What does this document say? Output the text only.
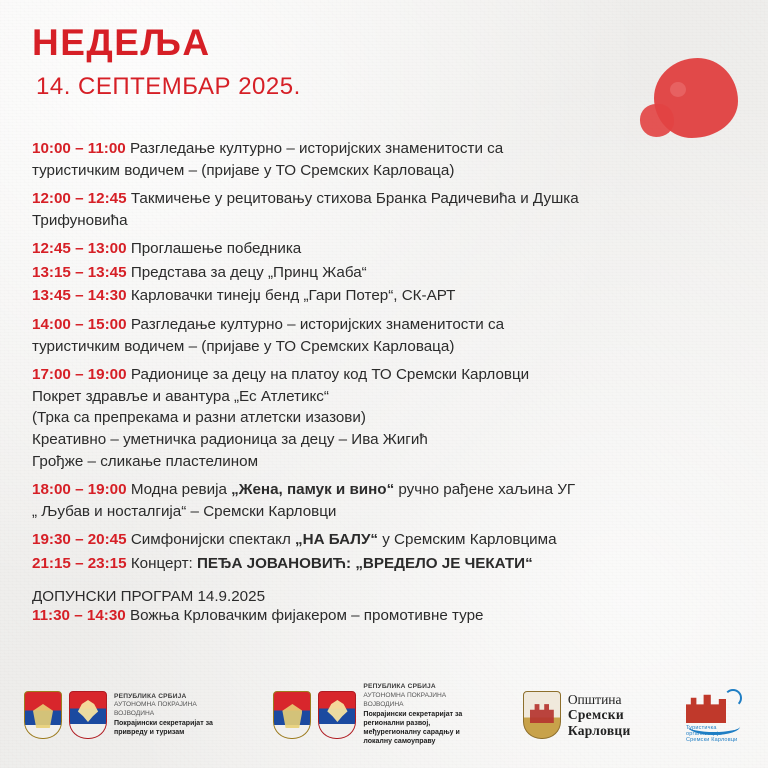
НЕДЕЉА
14. СЕПТЕМБАР 2025.
10:00 – 11:00 Разгледање културно – историјских знаменитости са
туристичким водичем – (пријаве у ТО Сремских Карловаца)
12:00 – 12:45 Такмичење у рецитовању стихова Бранка Радичевића и Душка
Трифуновића
12:45 – 13:00 Проглашење победника
13:15 – 13:45 Представа за децу „Принц Жаба“
13:45 – 14:30 Карловачки тинејџ бенд „Гари Потер“, СК-АРТ
14:00 – 15:00 Разгледање културно – историјских знаменитости са
туристичким водичем – (пријаве у ТО Сремских Карловаца)
17:00 – 19:00 Радионице за децу на платоу код ТО Сремски Карловци
Покрет здравље и авантура „Ес Атлетикс“
(Трка са препрекама и разни атлетски изазови)
Креативно – уметничка радионица за децу – Ива Жигић
Грођже – сликање пластелином
18:00 – 19:00 Модна ревија „Жена, памук и вино“ ручно рађене хаљина УГ
„ Љубав и носталгија“ – Сремски Карловци
19:30 – 20:45 Симфонијски спектакл „НА БАЛУ“ у Сремским Карловцима
21:15 – 23:15 Концерт: ПЕЂА ЈОВАНОВИЋ: „ВРЕДЕЛО ЈЕ ЧЕКАТИ“
ДОПУНСКИ ПРОГРАМ 14.9.2025
11:30 – 14:30 Вожња Крловачким фијакером – промотивне туре
РЕПУБЛИКА СРБИЈА
АУТОНОМНА ПОКРАЈИНА ВОЈВОДИНА
Покрајински секретаријат за привреду и туризам
РЕПУБЛИКА СРБИЈА
АУТОНОМНА ПОКРАЈИНА ВОЈВОДИНА
Покрајински секретаријат за регионални развој, међурегионалну сарадњу и локалну самоуправу
Општина
Сремски
Карловци	Туристичка организација Сремски Карловци
